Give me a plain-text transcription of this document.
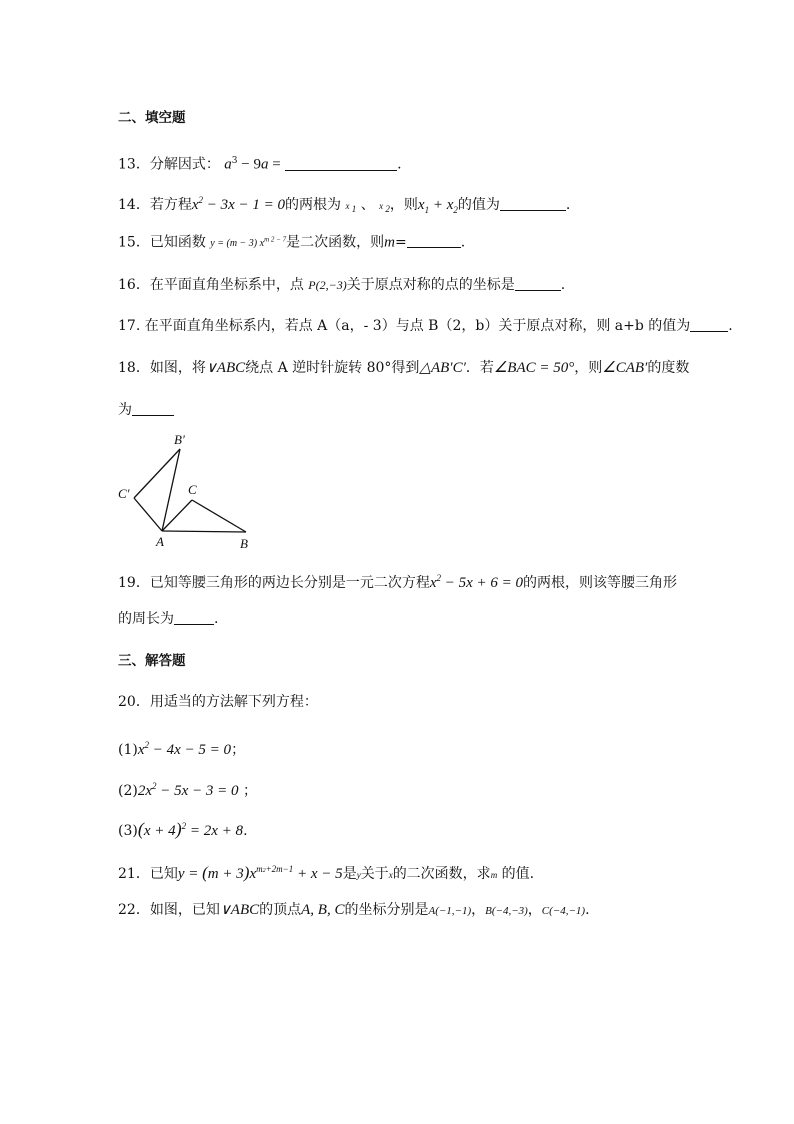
二、填空题
13．分解因式： $a^3 - 9a$ =	.
14．若方程$x^2 - 3x - 1 = 0$的两根为 x $_1$ 、 x $_2$，则$x_1 + x_2$的值为	.
15．已知函数 y = (m − 3) $x^{m 2 - 7}$是二次函数，则m=	.
16．在平面直角坐标系中，点 P(2,−3)关于原点对称的点的坐标是	.
17. 在平面直角坐标系内，若点 A（a，- 3）与点 B（2，b）关于原点对称，则 a+b 的值为	.
18．如图，将∨ABC绕点 A 逆时针旋转 80°得到△AB′C′．若∠BAC = 50°，则∠CAB′的度数
为
B′
C′	C
A	B
19．已知等腰三角形的两边长分别是一元二次方程$x^2 - 5x + 6 = 0$的两根，则该等腰三角形
的周长为	.
三、解答题
20．用适当的方法解下列方程：
$(1)x^2 - 4x - 5 = 0$；
$(2)2x^2 - 5x - 3 = 0$ ；
$(3)(x + 4)^2 = 2x + 8$.
21．已知$y = (m + 3)x^{m2+2m-1} + x - 5$是y关于x的二次函数，求m 的值.
22．如图，已知∨ABC的顶点A, B, C的坐标分别是A(−1,−1)，B(−4,−3)，C(−4,−1).
